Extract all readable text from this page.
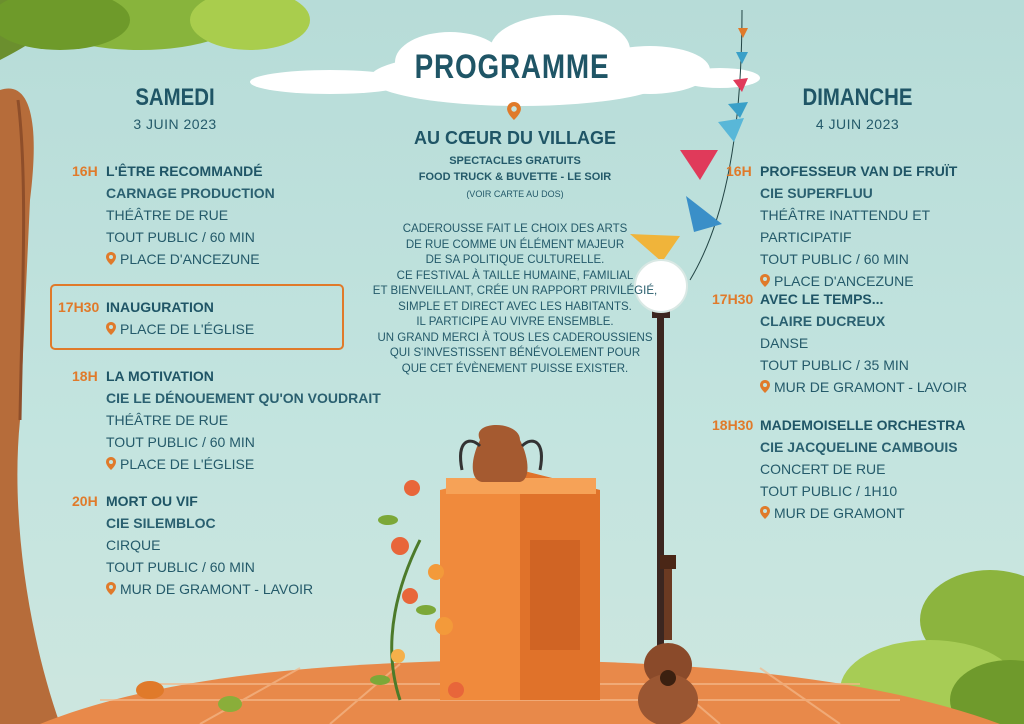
PROGRAMME
SAMEDI
3 JUIN 2023
DIMANCHE
4 JUIN 2023
16H L'ÊTRE RECOMMANDÉ
CARNAGE PRODUCTION
THÉÂTRE DE RUE
TOUT PUBLIC / 60 MIN
PLACE D'ANCEZUNE
17H30 INAUGURATION
PLACE DE L'ÉGLISE
18H LA MOTIVATION
CIE LE DÉNOUEMENT QU'ON VOUDRAIT
THÉÂTRE DE RUE
TOUT PUBLIC / 60 MIN
PLACE DE L'ÉGLISE
20H MORT OU VIF
CIE SILEMBLOC
CIRQUE
TOUT PUBLIC / 60 MIN
MUR DE GRAMONT - LAVOIR
AU CŒUR DU VILLAGE
SPECTACLES GRATUITS
FOOD TRUCK & BUVETTE - LE SOIR
(VOIR CARTE AU DOS)
CADEROUSSE FAIT LE CHOIX DES ARTS
DE RUE COMME UN ÉLÉMENT MAJEUR
DE SA POLITIQUE CULTURELLE.
CE FESTIVAL À TAILLE HUMAINE, FAMILIAL
ET BIENVEILLANT, CRÉE UN RAPPORT PRIVILÉGIÉ,
SIMPLE ET DIRECT AVEC LES HABITANTS.
IL PARTICIPE AU VIVRE ENSEMBLE.
UN GRAND MERCI À TOUS LES CADEROUSSIENS
QUI S'INVESTISSENT BÉNÉVOLEMENT POUR
QUE CET ÉVÈNEMENT PUISSE EXISTER.
16H PROFESSEUR VAN DE FRUÏT
CIE SUPERFLUU
THÉÂTRE INATTENDU ET PARTICIPATIF
TOUT PUBLIC / 60 MIN
PLACE D'ANCEZUNE
17H30 AVEC LE TEMPS...
CLAIRE DUCREUX
DANSE
TOUT PUBLIC / 35 MIN
MUR DE GRAMONT - LAVOIR
18H30 MADEMOISELLE ORCHESTRA
CIE JACQUELINE CAMBOUIS
CONCERT DE RUE
TOUT PUBLIC / 1H10
MUR DE GRAMONT
